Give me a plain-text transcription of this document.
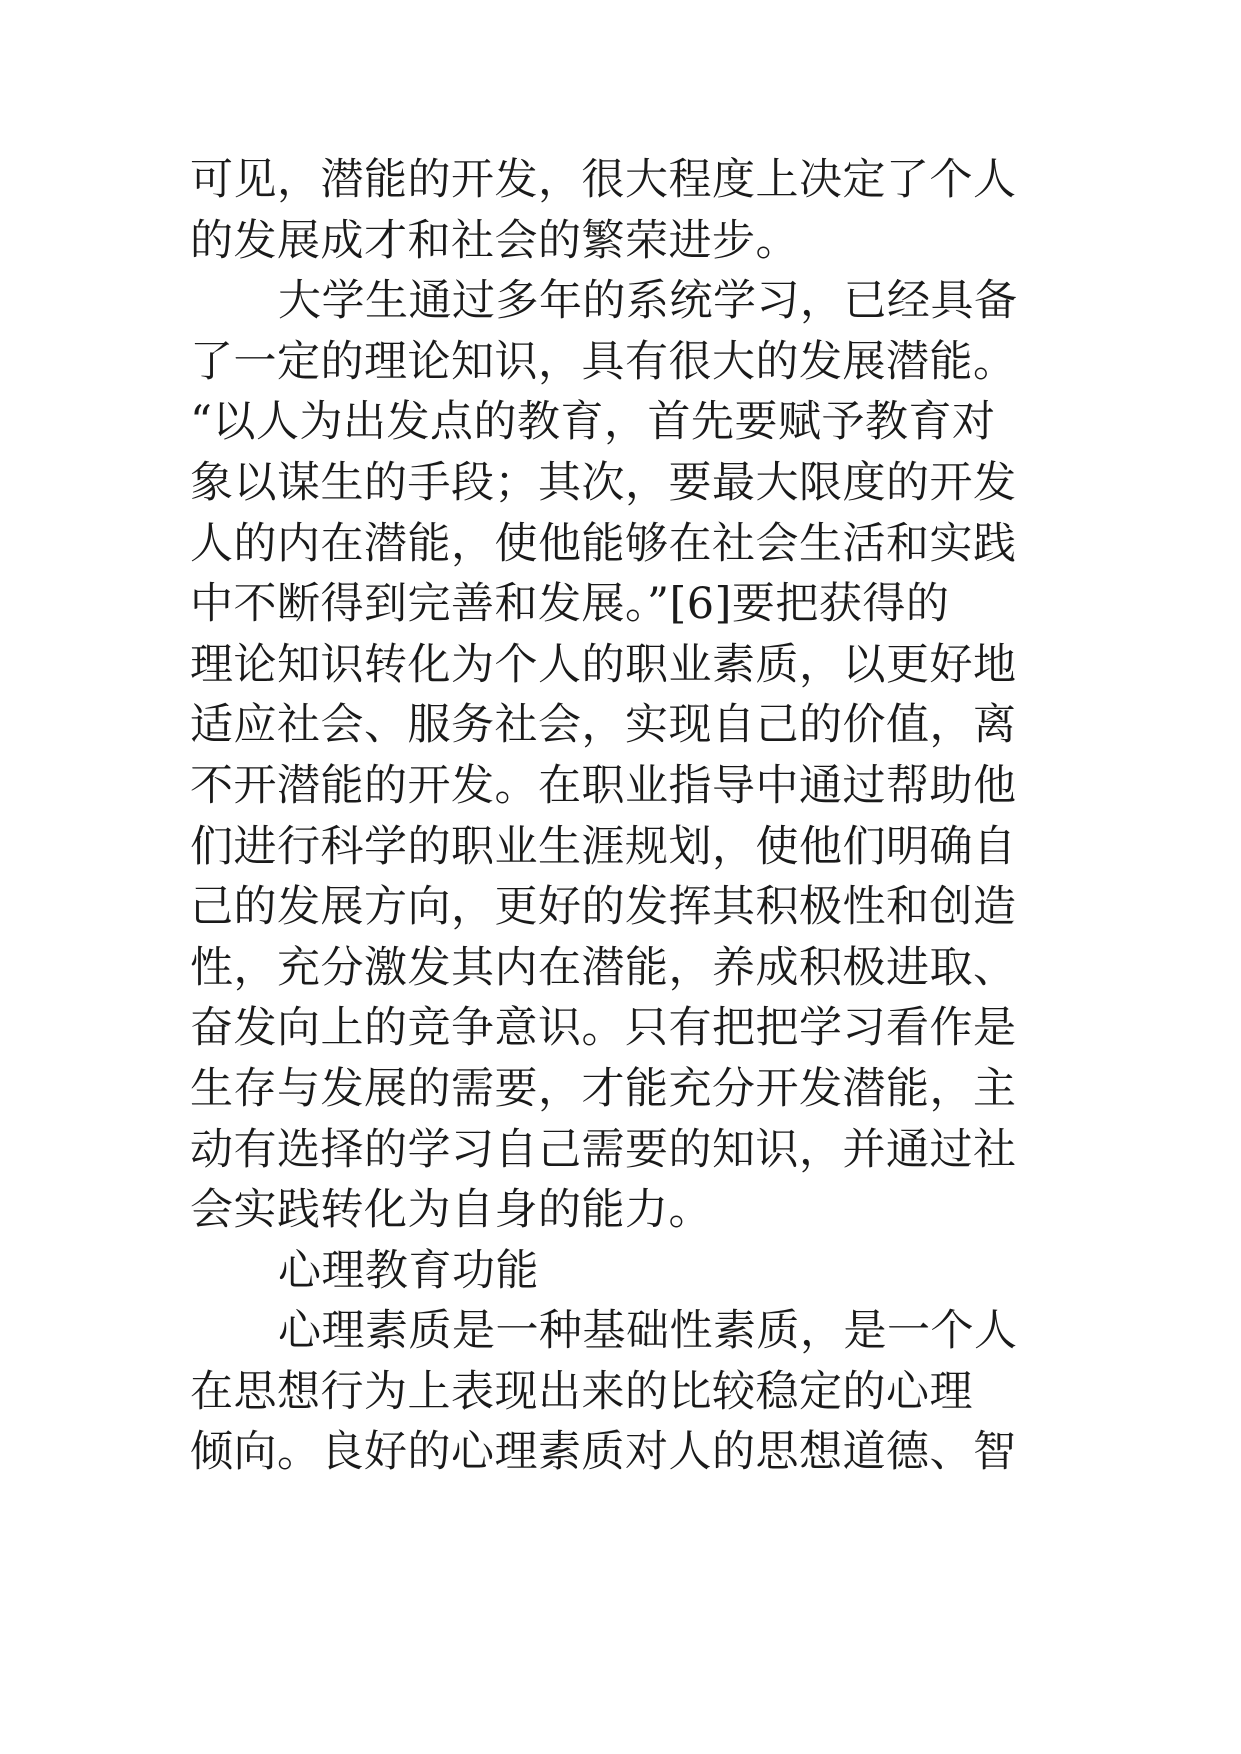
可见，潜能的开发，很大程度上决定了个人
的发展成才和社会的繁荣进步。
大学生通过多年的系统学习，已经具备
了一定的理论知识，具有很大的发展潜能。
“以人为出发点的教育，首先要赋予教育对
象以谋生的手段；其次，要最大限度的开发
人的内在潜能，使他能够在社会生活和实践
中不断得到完善和发展。”[6]要把获得的
理论知识转化为个人的职业素质，以更好地
适应社会、服务社会，实现自己的价值，离
不开潜能的开发。在职业指导中通过帮助他
们进行科学的职业生涯规划，使他们明确自
己的发展方向，更好的发挥其积极性和创造
性，充分激发其内在潜能，养成积极进取、
奋发向上的竞争意识。只有把把学习看作是
生存与发展的需要，才能充分开发潜能，主
动有选择的学习自己需要的知识，并通过社
会实践转化为自身的能力。
心理教育功能
心理素质是一种基础性素质，是一个人
在思想行为上表现出来的比较稳定的心理
倾向。良好的心理素质对人的思想道德、智
